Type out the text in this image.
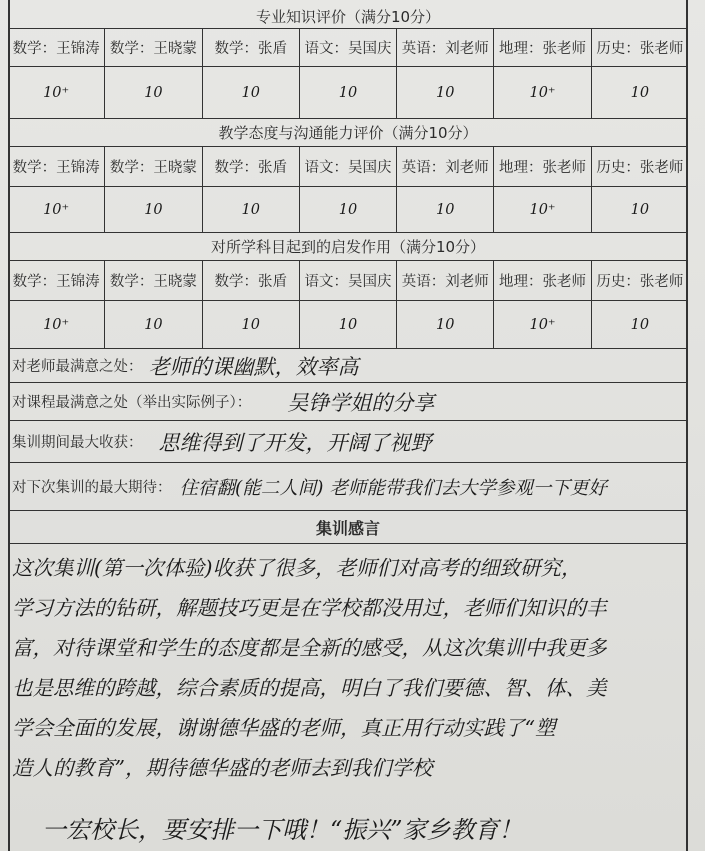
专业知识评价（满分10分）
数学：王锦涛 数学：王晓蒙	数学：张盾	语文：吴国庆 英语：刘老师 地理：张老师 历史：张老师
10⁺	10	10	10	10	10⁺	10
教学态度与沟通能力评价（满分10分）
数学：王锦涛 数学：王晓蒙	数学：张盾	语文：吴国庆 英语：刘老师 地理：张老师 历史：张老师
10⁺	10	10	10	10	10⁺	10
对所学科目起到的启发作用（满分10分）
数学：王锦涛 数学：王晓蒙	数学：张盾	语文：吴国庆 英语：刘老师 地理：张老师 历史：张老师
10⁺	10	10	10	10	10⁺	10
对老师最满意之处： 老师的课幽默，效率高
对课程最满意之处（举出实际例子）： 吴铮学姐的分享
集训期间最大收获： 思维得到了开发，开阔了视野
对下次集训的最大期待： 住宿翻(能二人间) 老师能带我们去大学参观一下更好
集训感言
这次集训(第一次体验)收获了很多，老师们对高考的细致研究，
学习方法的钻研，解题技巧更是在学校都没用过，老师们知识的丰
富，对待课堂和学生的态度都是全新的感受，从这次集训中我更多
也是思维的跨越，综合素质的提高，明白了我们要德、智、体、美
学会全面的发展，谢谢德华盛的老师，真正用行动实践了“塑
造人的教育”，期待德华盛的老师去到我们学校
一宏校长，要安排一下哦！“振兴”家乡教育！
